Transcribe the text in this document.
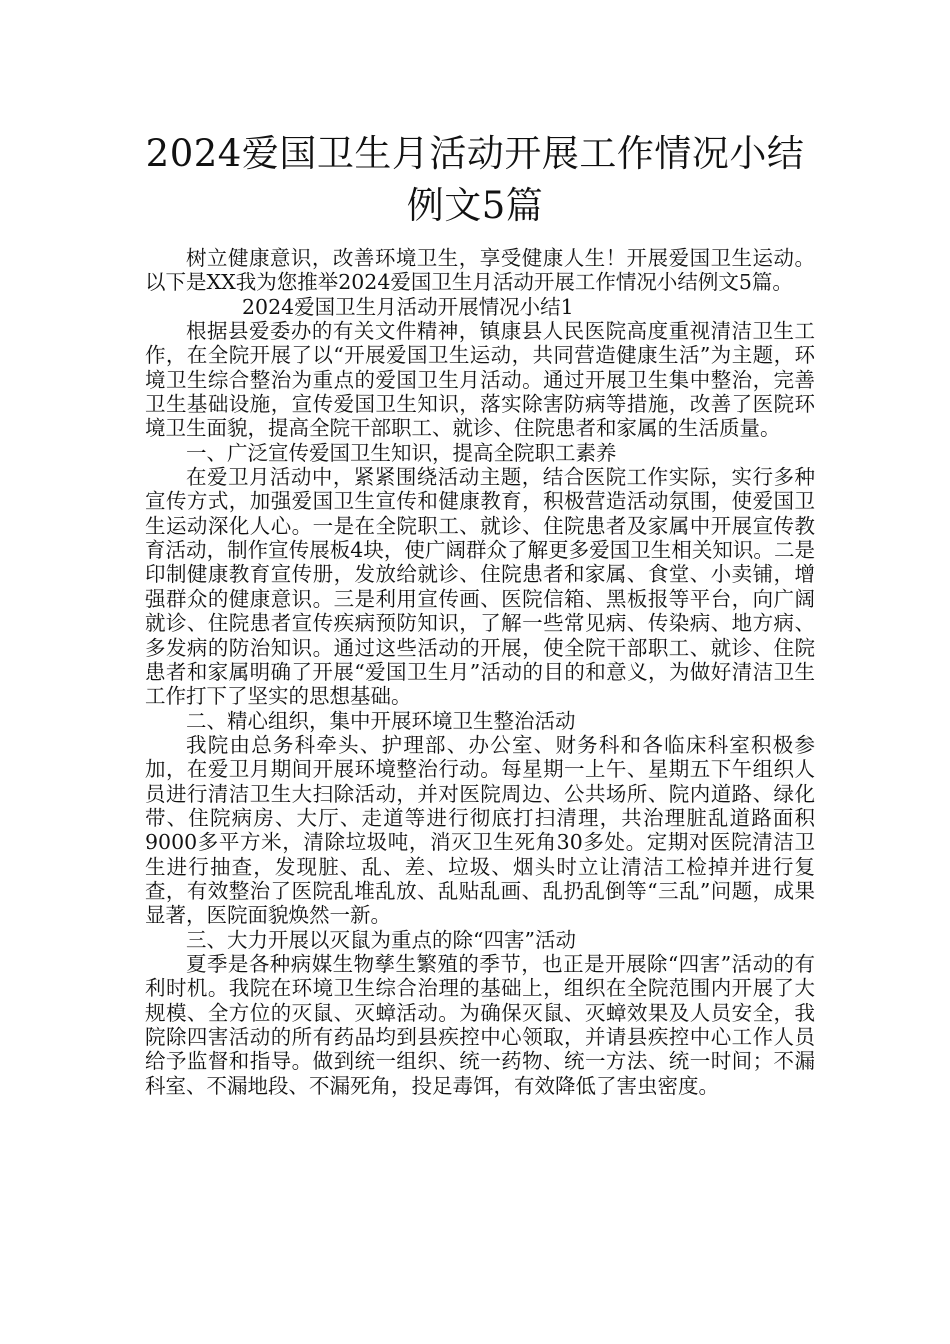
2024爱国卫生月活动开展工作情况小结例文5篇

树立健康意识，改善环境卫生，享受健康人生！开展爱国卫生运动。以下是XX我为您推举2024爱国卫生月活动开展工作情况小结例文5篇。

2024爱国卫生月活动开展情况小结1

根据县爱委办的有关文件精神，镇康县人民医院高度重视清洁卫生工作，在全院开展了以“开展爱国卫生运动，共同营造健康生活”为主题，环境卫生综合整治为重点的爱国卫生月活动。通过开展卫生集中整治，完善卫生基础设施，宣传爱国卫生知识，落实除害防病等措施，改善了医院环境卫生面貌，提高全院干部职工、就诊、住院患者和家属的生活质量。

一、广泛宣传爱国卫生知识，提高全院职工素养

在爱卫月活动中，紧紧围绕活动主题，结合医院工作实际，实行多种宣传方式，加强爱国卫生宣传和健康教育，积极营造活动氛围，使爱国卫生运动深化人心。一是在全院职工、就诊、住院患者及家属中开展宣传教育活动，制作宣传展板4块，使广阔群众了解更多爱国卫生相关知识。二是印制健康教育宣传册，发放给就诊、住院患者和家属、食堂、小卖铺，增强群众的健康意识。三是利用宣传画、医院信箱、黑板报等平台，向广阔就诊、住院患者宣传疾病预防知识，了解一些常见病、传染病、地方病、多发病的防治知识。通过这些活动的开展，使全院干部职工、就诊、住院患者和家属明确了开展“爱国卫生月”活动的目的和意义，为做好清洁卫生工作打下了坚实的思想基础。

二、精心组织，集中开展环境卫生整治活动

我院由总务科牵头、护理部、办公室、财务科和各临床科室积极参加，在爱卫月期间开展环境整治行动。每星期一上午、星期五下午组织人员进行清洁卫生大扫除活动，并对医院周边、公共场所、院内道路、绿化带、住院病房、大厅、走道等进行彻底打扫清理，共治理脏乱道路面积9000多平方米，清除垃圾吨，消灭卫生死角30多处。定期对医院清洁卫生进行抽查，发现脏、乱、差、垃圾、烟头时立让清洁工检掉并进行复查，有效整治了医院乱堆乱放、乱贴乱画、乱扔乱倒等“三乱”问题，成果显著，医院面貌焕然一新。

三、大力开展以灭鼠为重点的除“四害”活动

夏季是各种病媒生物孳生繁殖的季节，也正是开展除“四害”活动的有利时机。我院在环境卫生综合治理的基础上，组织在全院范围内开展了大规模、全方位的灭鼠、灭蟑活动。为确保灭鼠、灭蟑效果及人员安全，我院除四害活动的所有药品均到县疾控中心领取，并请县疾控中心工作人员给予监督和指导。做到统一组织、统一药物、统一方法、统一时间；不漏科室、不漏地段、不漏死角，投足毒饵，有效降低了害虫密度。
